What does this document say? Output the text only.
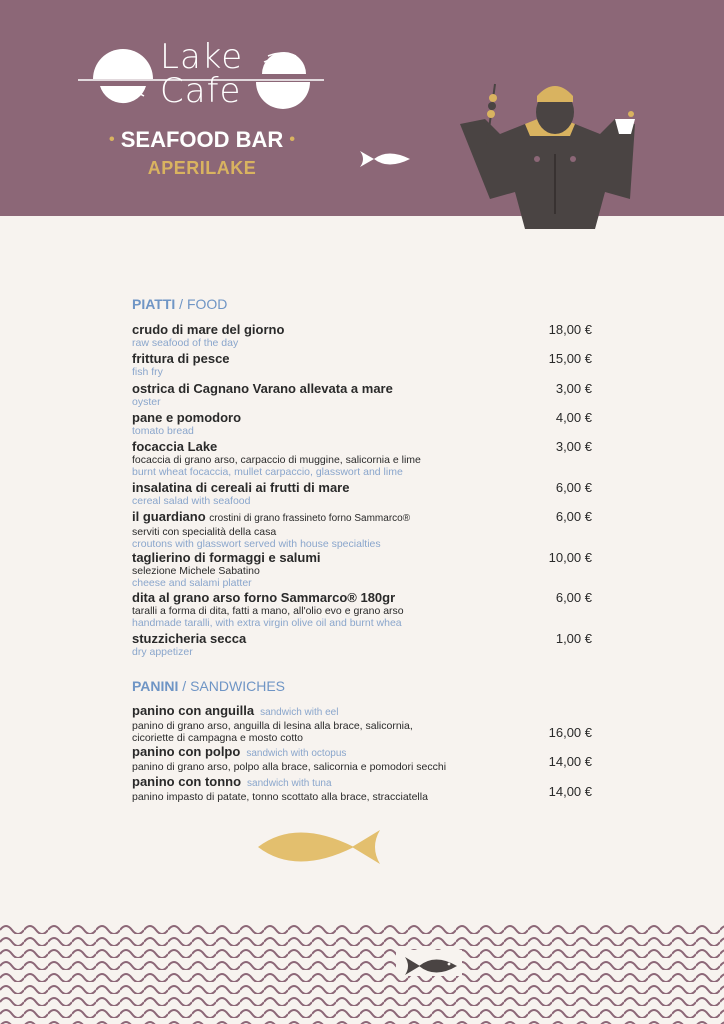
Lake
Cafe
• SEAFOOD BAR •
APERILAKE
PIATTI / FOOD
crudo di mare del giorno
raw seafood of the day
18,00 €
frittura di pesce
fish fry
15,00 €
ostrica di Cagnano Varano allevata a mare
oyster
3,00 €
pane e pomodoro
tomato bread
4,00 €
focaccia Lake
focaccia di grano arso, carpaccio di muggine, salicornia e lime
burnt wheat focaccia, mullet carpaccio, glasswort and lime
3,00 €
insalatina di cereali ai frutti di mare
cereal salad with seafood
6,00 €
il guardiano crostini di grano frassineto forno Sammarco®
serviti con specialità della casa
croutons with glasswort served with house specialties
6,00 €
taglierino di formaggi e salumi
selezione Michele Sabatino
cheese and salami platter
10,00 €
dita al grano arso forno Sammarco® 180gr
taralli a forma di dita, fatti a mano, all'olio evo e grano arso
handmade taralli, with extra virgin olive oil and burnt whea
6,00 €
stuzzicheria secca
dry appetizer
1,00 €
PANINI / SANDWICHES
panino con anguilla sandwich with eel
panino di grano arso, anguilla di lesina alla brace, salicornia,
cicoriette di campagna e mosto cotto	16,00 €
panino con polpo sandwich with octopus
panino di grano arso, polpo alla brace, salicornia e pomodori secchi	14,00 €
panino con tonno sandwich with tuna
panino impasto di patate, tonno scottato alla brace, stracciatella	14,00 €
